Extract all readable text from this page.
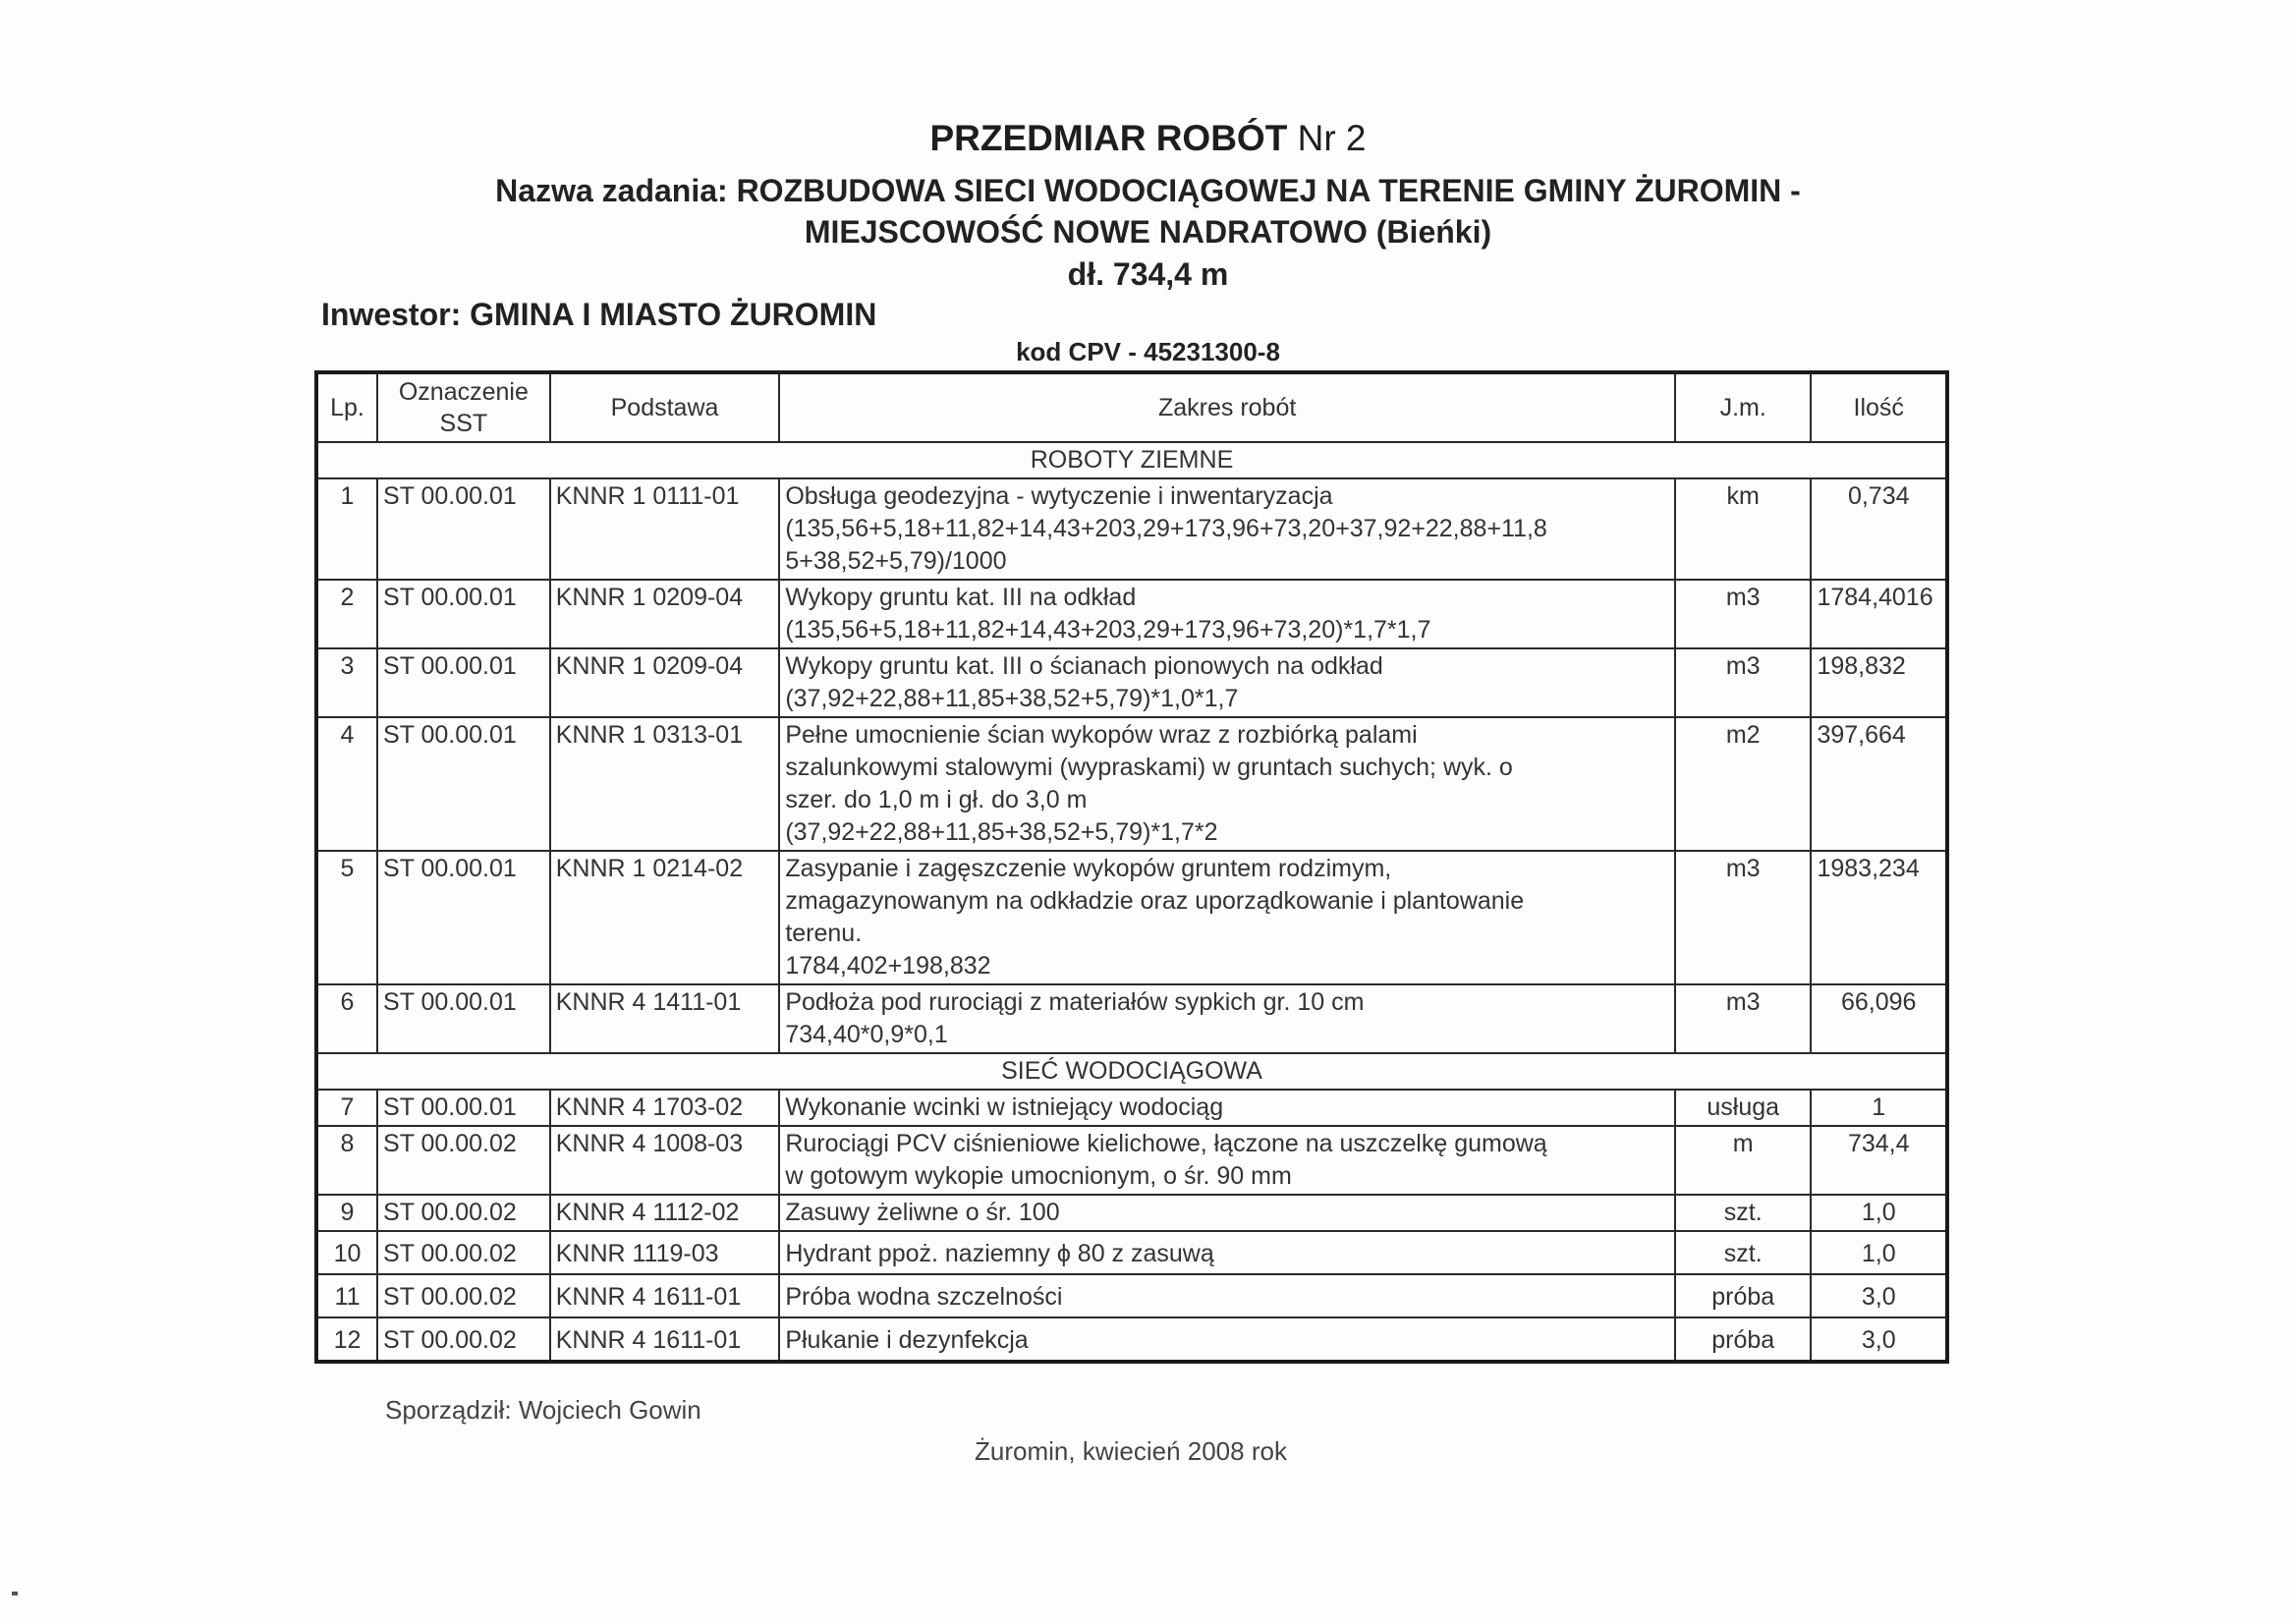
PRZEDMIAR ROBÓT Nr 2
Nazwa zadania: ROZBUDOWA SIECI WODOCIĄGOWEJ NA TERENIE GMINY ŻUROMIN -
MIEJSCOWOŚĆ NOWE NADRATOWO (Bieńki)
dł. 734,4 m
Inwestor: GMINA I MIASTO ŻUROMIN
kod CPV - 45231300-8
Lp.	Oznaczenie SST	Podstawa	Zakres robót	J.m.	Ilość
ROBOTY ZIEMNE					
1	ST 00.00.01	KNNR 1 0111-01	Obsługa geodezyjna - wytyczenie i inwentaryzacja
(135,56+5,18+11,82+14,43+203,29+173,96+73,20+37,92+22,88+11,8
5+38,52+5,79)/1000	km	0,734
2	ST 00.00.01	KNNR 1 0209-04	Wykopy gruntu kat. III na odkład
(135,56+5,18+11,82+14,43+203,29+173,96+73,20)*1,7*1,7	m3	1784,4016
3	ST 00.00.01	KNNR 1 0209-04	Wykopy gruntu kat. III o ścianach pionowych na odkład
(37,92+22,88+11,85+38,52+5,79)*1,0*1,7	m3	198,832
4	ST 00.00.01	KNNR 1 0313-01	Pełne umocnienie ścian wykopów wraz z rozbiórką palami
szalunkowymi stalowymi (wypraskami) w gruntach suchych; wyk. o
szer. do 1,0 m i gł. do 3,0 m
(37,92+22,88+11,85+38,52+5,79)*1,7*2	m2	397,664
5	ST 00.00.01	KNNR 1 0214-02	Zasypanie i zagęszczenie wykopów gruntem rodzimym,
zmagazynowanym na odkładzie oraz uporządkowanie i plantowanie
terenu.
1784,402+198,832	m3	1983,234
6	ST 00.00.01	KNNR 4 1411-01	Podłoża pod rurociągi z materiałów sypkich gr. 10 cm
734,40*0,9*0,1	m3	66,096
SIEĆ WODOCIĄGOWA					
7	ST 00.00.01	KNNR 4 1703-02	Wykonanie wcinki w istniejący wodociąg	usługa	1
8	ST 00.00.02	KNNR 4 1008-03	Rurociągi PCV ciśnieniowe kielichowe, łączone na uszczelkę gumową
w gotowym wykopie umocnionym, o śr. 90 mm	m	734,4
9	ST 00.00.02	KNNR 4 1112-02	Zasuwy żeliwne o śr. 100	szt.	1,0
10	ST 00.00.02	KNNR 1119-03	Hydrant ppoż. naziemny ϕ 80 z zasuwą	szt.	1,0
11	ST 00.00.02	KNNR 4 1611-01	Próba wodna szczelności	próba	3,0
12	ST 00.00.02	KNNR 4 1611-01	Płukanie i dezynfekcja	próba	3,0
Sporządził: Wojciech Gowin
Żuromin, kwiecień 2008 rok
